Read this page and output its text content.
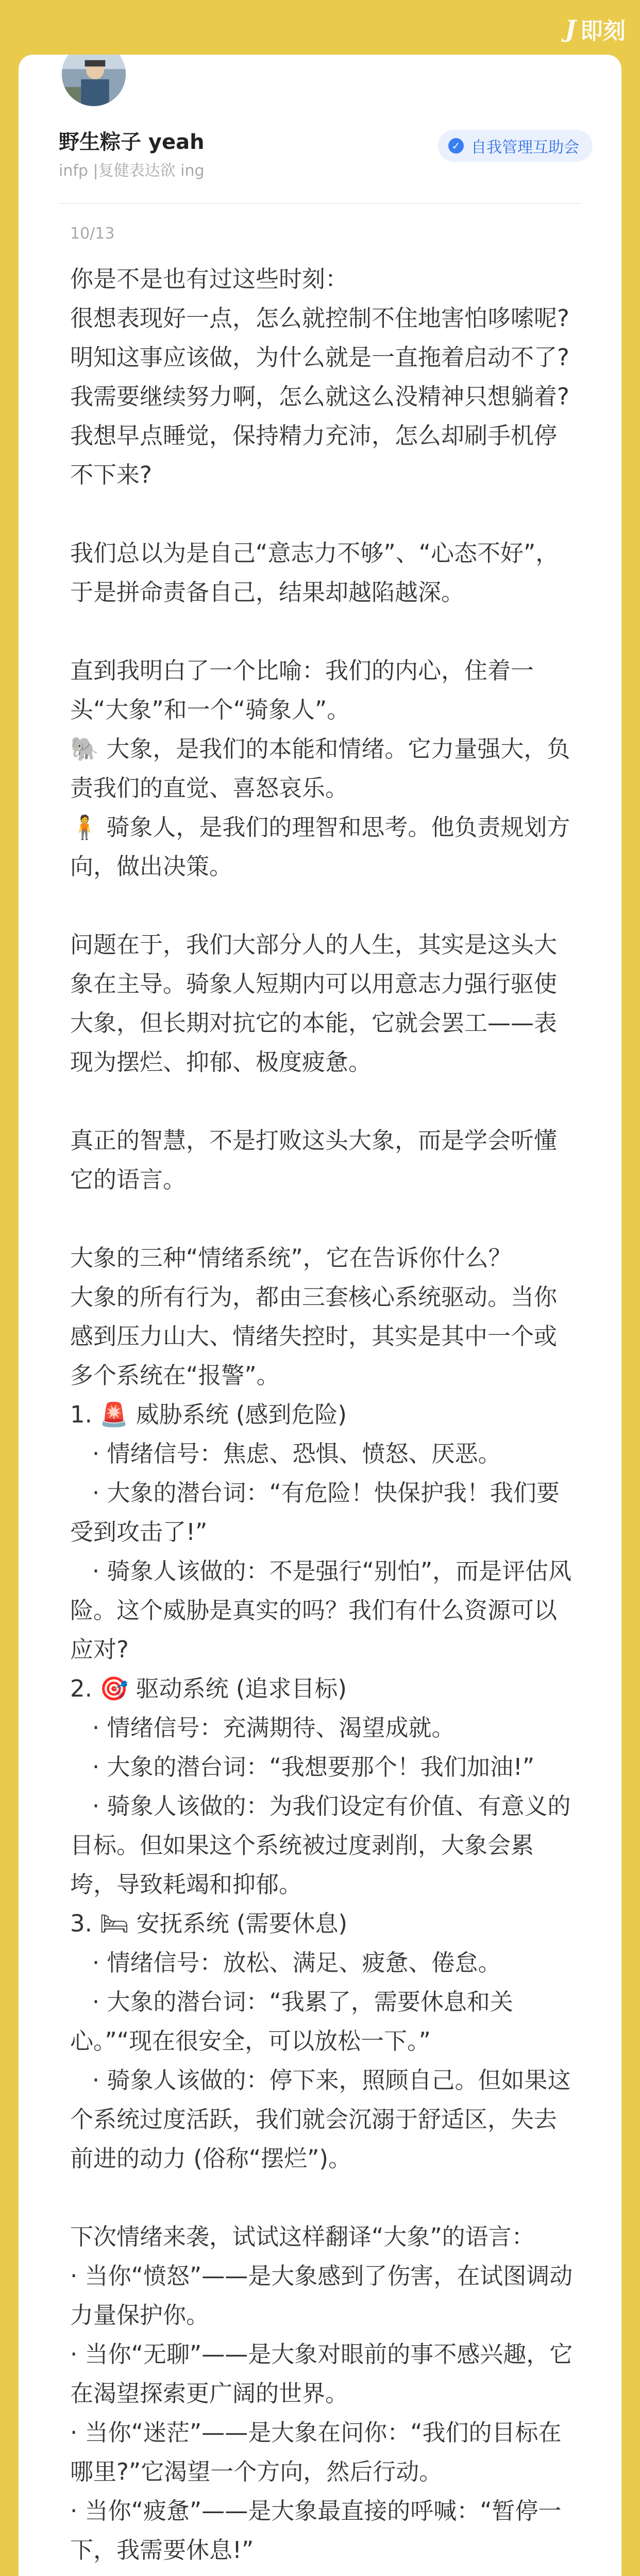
J 即刻
野生粽子 yeah
infp |复健表达欲 ing
✓ 自我管理互助会
10/13
你是不是也有过这些时刻：
很想表现好一点，怎么就控制不住地害怕哆嗦呢?
明知这事应该做，为什么就是一直拖着启动不了?
我需要继续努力啊，怎么就这么没精神只想躺着?
我想早点睡觉，保持精力充沛，怎么却刷手机停不下来?

我们总以为是自己“意志力不够”、“心态不好”，于是拼命责备自己，结果却越陷越深。

直到我明白了一个比喻：我们的内心，住着一头“大象”和一个“骑象人”。
🐘 大象，是我们的本能和情绪。它力量强大，负责我们的直觉、喜怒哀乐。
🧍 骑象人，是我们的理智和思考。他负责规划方向，做出决策。

问题在于，我们大部分人的人生，其实是这头大象在主导。骑象人短期内可以用意志力强行驱使大象，但长期对抗它的本能，它就会罢工——表现为摆烂、抑郁、极度疲惫。

真正的智慧，不是打败这头大象，而是学会听懂它的语言。

大象的三种“情绪系统”，它在告诉你什么？
大象的所有行为，都由三套核心系统驱动。当你感到压力山大、情绪失控时，其实是其中一个或多个系统在“报警”。
1. 🚨 威胁系统 (感到危险)
· 情绪信号：焦虑、恐惧、愤怒、厌恶。
· 大象的潜台词：“有危险！快保护我！我们要受到攻击了!”
· 骑象人该做的：不是强行“别怕”，而是评估风险。这个威胁是真实的吗？我们有什么资源可以应对?
2. 🎯 驱动系统 (追求目标)
· 情绪信号：充满期待、渴望成就。
· 大象的潜台词：“我想要那个！我们加油!”
· 骑象人该做的：为我们设定有价值、有意义的目标。但如果这个系统被过度剥削，大象会累垮，导致耗竭和抑郁。
3. 🛏 安抚系统 (需要休息)
· 情绪信号：放松、满足、疲惫、倦怠。
· 大象的潜台词：“我累了，需要休息和关心。”“现在很安全，可以放松一下。”
· 骑象人该做的：停下来，照顾自己。但如果这个系统过度活跃，我们就会沉溺于舒适区，失去前进的动力 (俗称“摆烂”)。

下次情绪来袭，试试这样翻译“大象”的语言：
· 当你“愤怒”——是大象感到了伤害，在试图调动力量保护你。
· 当你“无聊”——是大象对眼前的事不感兴趣，它在渴望探索更广阔的世界。
· 当你“迷茫”——是大象在问你：“我们的目标在哪里?”它渴望一个方向，然后行动。
· 当你“疲惫”——是大象最直接的呼喊：“暂停一下，我需要休息!”
